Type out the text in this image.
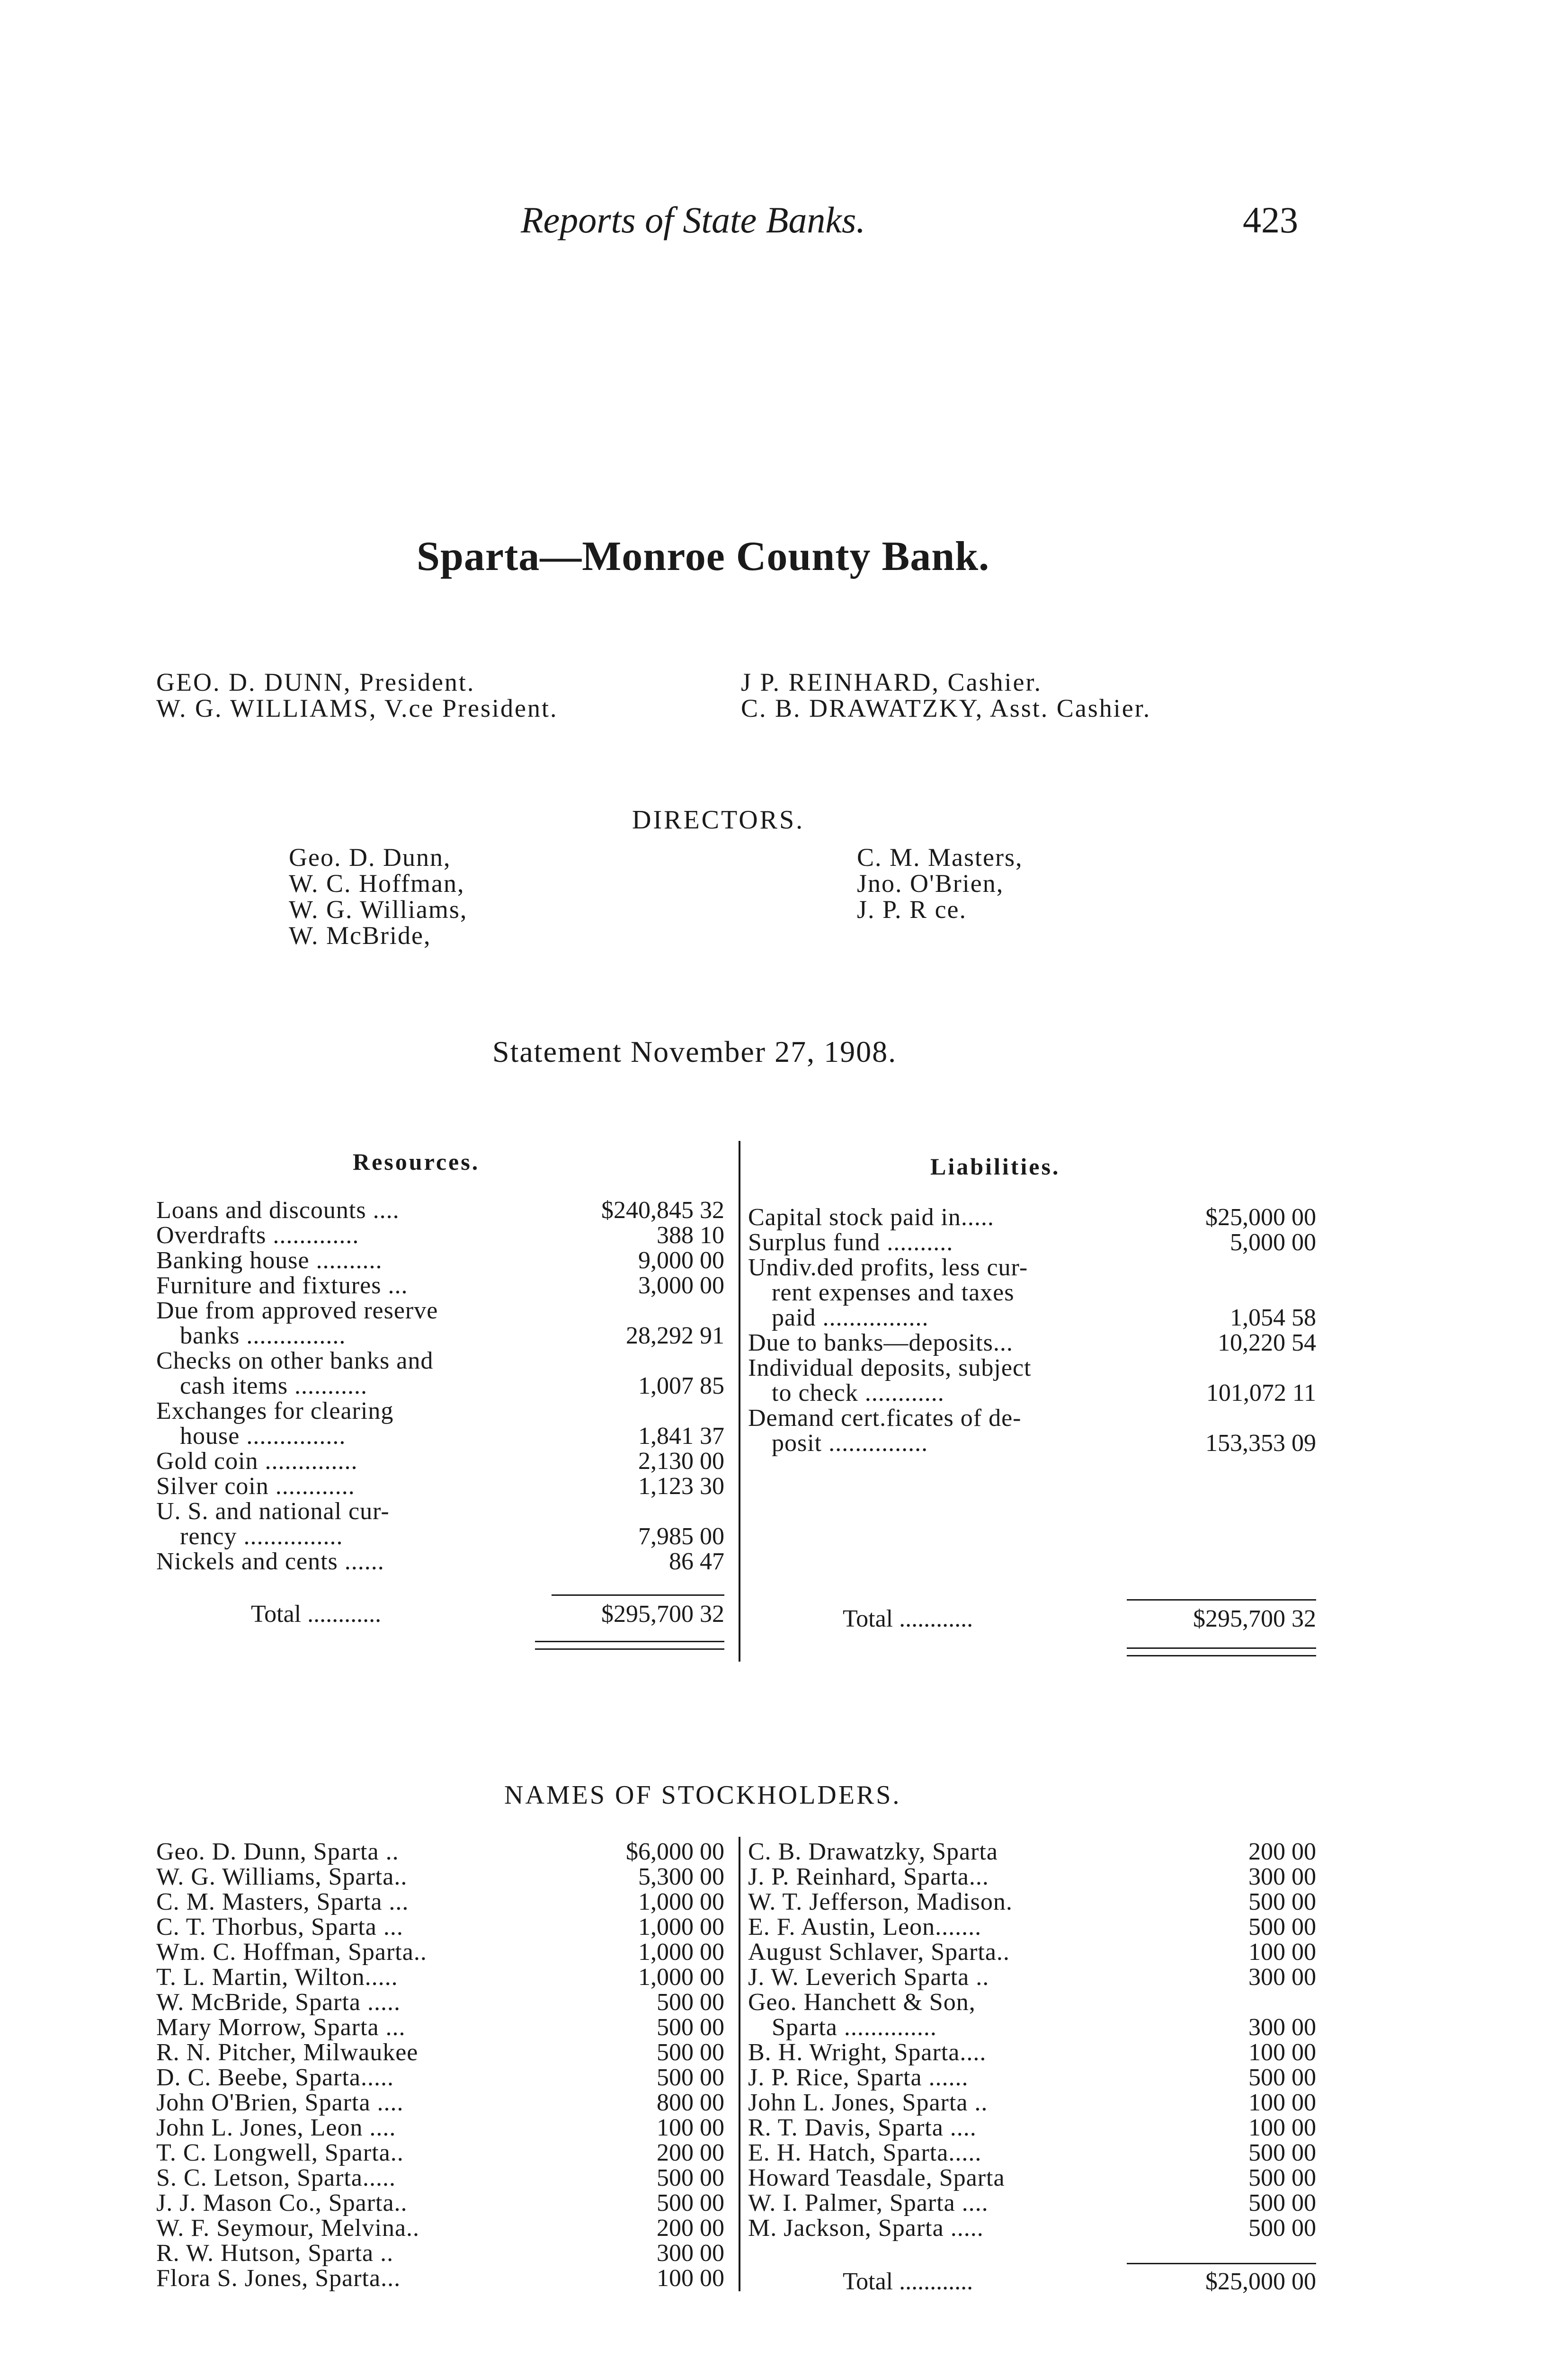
Reports of State Banks.	423
Sparta—Monroe County Bank.
GEO. D. DUNN, President.
W. G. WILLIAMS, V.ce President.
J P. REINHARD, Cashier.
C. B. DRAWATZKY, Asst. Cashier.
DIRECTORS.
Geo. D. Dunn,
W. C. Hoffman,
W. G. Williams,
W. McBride,
C. M. Masters,
Jno. O'Brien,
J. P. R ce.
Statement November 27, 1908.
Resources.	Liabilities.
Loans and discounts ....	$240,845 32
Overdrafts .............	388 10
Banking house ..........	9,000 00
Furniture and fixtures ...	3,000 00
Due from approved reserve
banks ...............	28,292 91
Checks on other banks and
cash items ...........	1,007 85
Exchanges for clearing
house ...............	1,841 37
Gold coin ..............	2,130 00
Silver coin ............	1,123 30
U. S. and national cur-
rency ...............	7,985 00
Nickels and cents ......	86 47
Total ............	$295,700 32
Capital stock paid in.....	$25,000 00
Surplus fund ..........	5,000 00
Undiv.ded profits, less cur-
rent expenses and taxes
paid ................	1,054 58
Due to banks—deposits...	10,220 54
Individual deposits, subject
to check ............	101,072 11
Demand cert.ficates of de-
posit ...............	153,353 09
Total ............	$295,700 32
NAMES OF STOCKHOLDERS.
Geo. D. Dunn, Sparta ..	$6,000 00
W. G. Williams, Sparta..	5,300 00
C. M. Masters, Sparta ...	1,000 00
C. T. Thorbus, Sparta ...	1,000 00
Wm. C. Hoffman, Sparta..	1,000 00
T. L. Martin, Wilton.....	1,000 00
W. McBride, Sparta .....	500 00
Mary Morrow, Sparta ...	500 00
R. N. Pitcher, Milwaukee	500 00
D. C. Beebe, Sparta.....	500 00
John O'Brien, Sparta ....	800 00
John L. Jones, Leon ....	100 00
T. C. Longwell, Sparta..	200 00
S. C. Letson, Sparta.....	500 00
J. J. Mason Co., Sparta..	500 00
W. F. Seymour, Melvina..	200 00
R. W. Hutson, Sparta ..	300 00
Flora S. Jones, Sparta...	100 00
C. B. Drawatzky, Sparta	200 00
J. P. Reinhard, Sparta...	300 00
W. T. Jefferson, Madison.	500 00
E. F. Austin, Leon.......	500 00
August Schlaver, Sparta..	100 00
J. W. Leverich Sparta ..	300 00
Geo. Hanchett & Son,
Sparta ..............	300 00
B. H. Wright, Sparta....	100 00
J. P. Rice, Sparta ......	500 00
John L. Jones, Sparta ..	100 00
R. T. Davis, Sparta ....	100 00
E. H. Hatch, Sparta.....	500 00
Howard Teasdale, Sparta	500 00
W. I. Palmer, Sparta ....	500 00
M. Jackson, Sparta .....	500 00
Total ............	$25,000 00
